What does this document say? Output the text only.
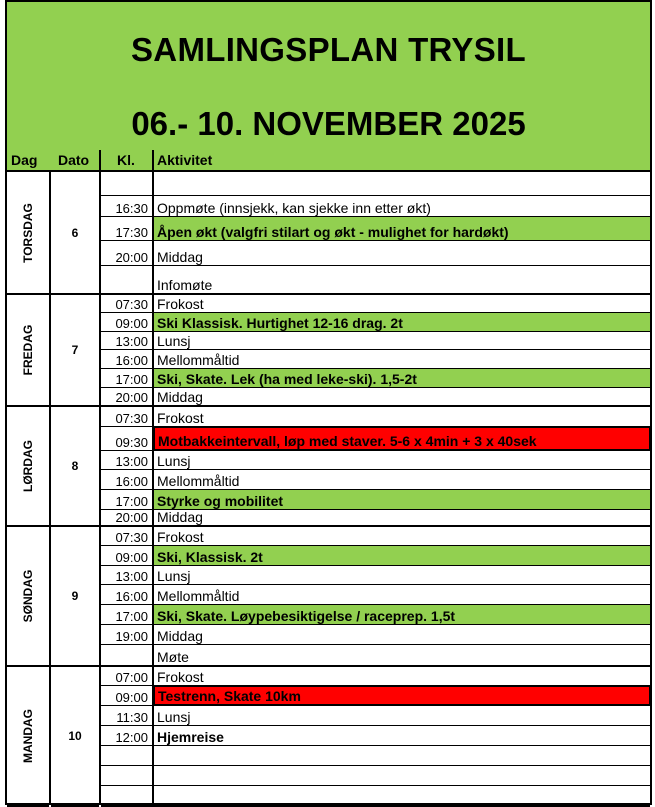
SAMLINGSPLAN TRYSIL
06.- 10. NOVEMBER 2025
Dag	Dato	Kl.	Aktivitet
TORSDAG	6
16:30 Oppmøte (innsjekk, kan sjekke inn etter økt)
17:30 Åpen økt (valgfri stilart og økt - mulighet for hardøkt)
20:00 Middag
Infomøte
FREDAG	7
07:30 Frokost
09:00 Ski Klassisk. Hurtighet 12-16 drag. 2t
13:00 Lunsj
16:00 Mellommåltid
17:00 Ski, Skate. Lek (ha med leke-ski). 1,5-2t
20:00 Middag
LØRDAG	8
07:30 Frokost
09:30 Motbakkeintervall, løp med staver. 5-6 x 4min + 3 x 40sek
13:00 Lunsj
16:00 Mellommåltid
17:00 Styrke og mobilitet
20:00 Middag
SØNDAG	9
07:30 Frokost
09:00 Ski, Klassisk. 2t
13:00 Lunsj
16:00 Mellommåltid
17:00 Ski, Skate. Løypebesiktigelse / raceprep. 1,5t
19:00 Middag
Møte
MANDAG	10
07:00 Frokost
09:00 Testrenn, Skate 10km
11:30 Lunsj
12:00 Hjemreise
